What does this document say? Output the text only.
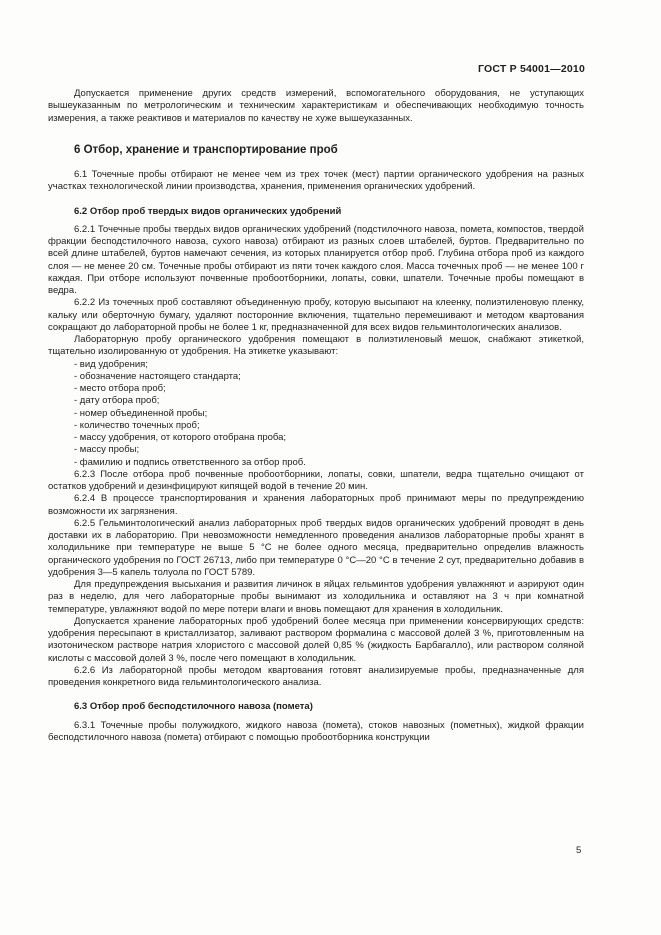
ГОСТ Р 54001—2010

Допускается применение других средств измерений, вспомогательного оборудования, не уступающих вышеуказанным по метрологическим и техническим характеристикам и обеспечивающих необходимую точность измерения, а также реактивов и материалов по качеству не хуже вышеуказанных.

6 Отбор, хранение и транспортирование проб

6.1 Точечные пробы отбирают не менее чем из трех точек (мест) партии органического удобрения на разных участках технологической линии производства, хранения, применения органических удобрений.

6.2 Отбор проб твердых видов органических удобрений

6.2.1 Точечные пробы твердых видов органических удобрений (подстилочного навоза, помета, компостов, твердой фракции бесподстилочного навоза, сухого навоза) отбирают из разных слоев штабелей, буртов. Предварительно по всей длине штабелей, буртов намечают сечения, из которых планируется отбор проб. Глубина отбора проб из каждого слоя — не менее 20 см. Точечные пробы отбирают из пяти точек каждого слоя. Масса точечных проб — не менее 100 г каждая. При отборе используют почвенные пробоотборники, лопаты, совки, шпатели. Точечные пробы помещают в ведра.

6.2.2 Из точечных проб составляют объединенную пробу, которую высыпают на клеенку, полиэтиленовую пленку, кальку или оберточную бумагу, удаляют посторонние включения, тщательно перемешивают и методом квартования сокращают до лабораторной пробы не более 1 кг, предназначенной для всех видов гельминтологических анализов.

Лабораторную пробу органического удобрения помещают в полиэтиленовый мешок, снабжают этикеткой, тщательно изолированную от удобрения. На этикетке указывают:

- вид удобрения;
- обозначение настоящего стандарта;
- место отбора проб;
- дату отбора проб;
- номер объединенной пробы;
- количество точечных проб;
- массу удобрения, от которого отобрана проба;
- массу пробы;
- фамилию и подпись ответственного за отбор проб.

6.2.3 После отбора проб почвенные пробоотборники, лопаты, совки, шпатели, ведра тщательно очищают от остатков удобрений и дезинфицируют кипящей водой в течение 20 мин.

6.2.4 В процессе транспортирования и хранения лабораторных проб принимают меры по предупреждению возможности их загрязнения.

6.2.5 Гельминтологический анализ лабораторных проб твердых видов органических удобрений проводят в день доставки их в лабораторию. При невозможности немедленного проведения анализов лабораторные пробы хранят в холодильнике при температуре не выше 5 °С не более одного месяца, предварительно определив влажность органического удобрения по ГОСТ 26713, либо при температуре 0 °С—20 °С в течение 2 сут, предварительно добавив в удобрения 3—5 капель толуола по ГОСТ 5789.

Для предупреждения высыхания и развития личинок в яйцах гельминтов удобрения увлажняют и аэрируют один раз в неделю, для чего лабораторные пробы вынимают из холодильника и оставляют на 3 ч при комнатной температуре, увлажняют водой по мере потери влаги и вновь помещают для хранения в холодильник.

Допускается хранение лабораторных проб удобрений более месяца при применении консервирующих средств: удобрения пересыпают в кристаллизатор, заливают раствором формалина с массовой долей 3 %, приготовленным на изотоническом растворе натрия хлористого с массовой долей 0,85 % (жидкость Барбагалло), или раствором соляной кислоты с массовой долей 3 %, после чего помещают в холодильник.

6.2.6 Из лабораторной пробы методом квартования готовят анализируемые пробы, предназначенные для проведения конкретного вида гельминтологического анализа.

6.3 Отбор проб бесподстилочного навоза (помета)

6.3.1 Точечные пробы полужидкого, жидкого навоза (помета), стоков навозных (пометных), жидкой фракции бесподстилочного навоза (помета) отбирают с помощью пробоотборника конструкции

5
